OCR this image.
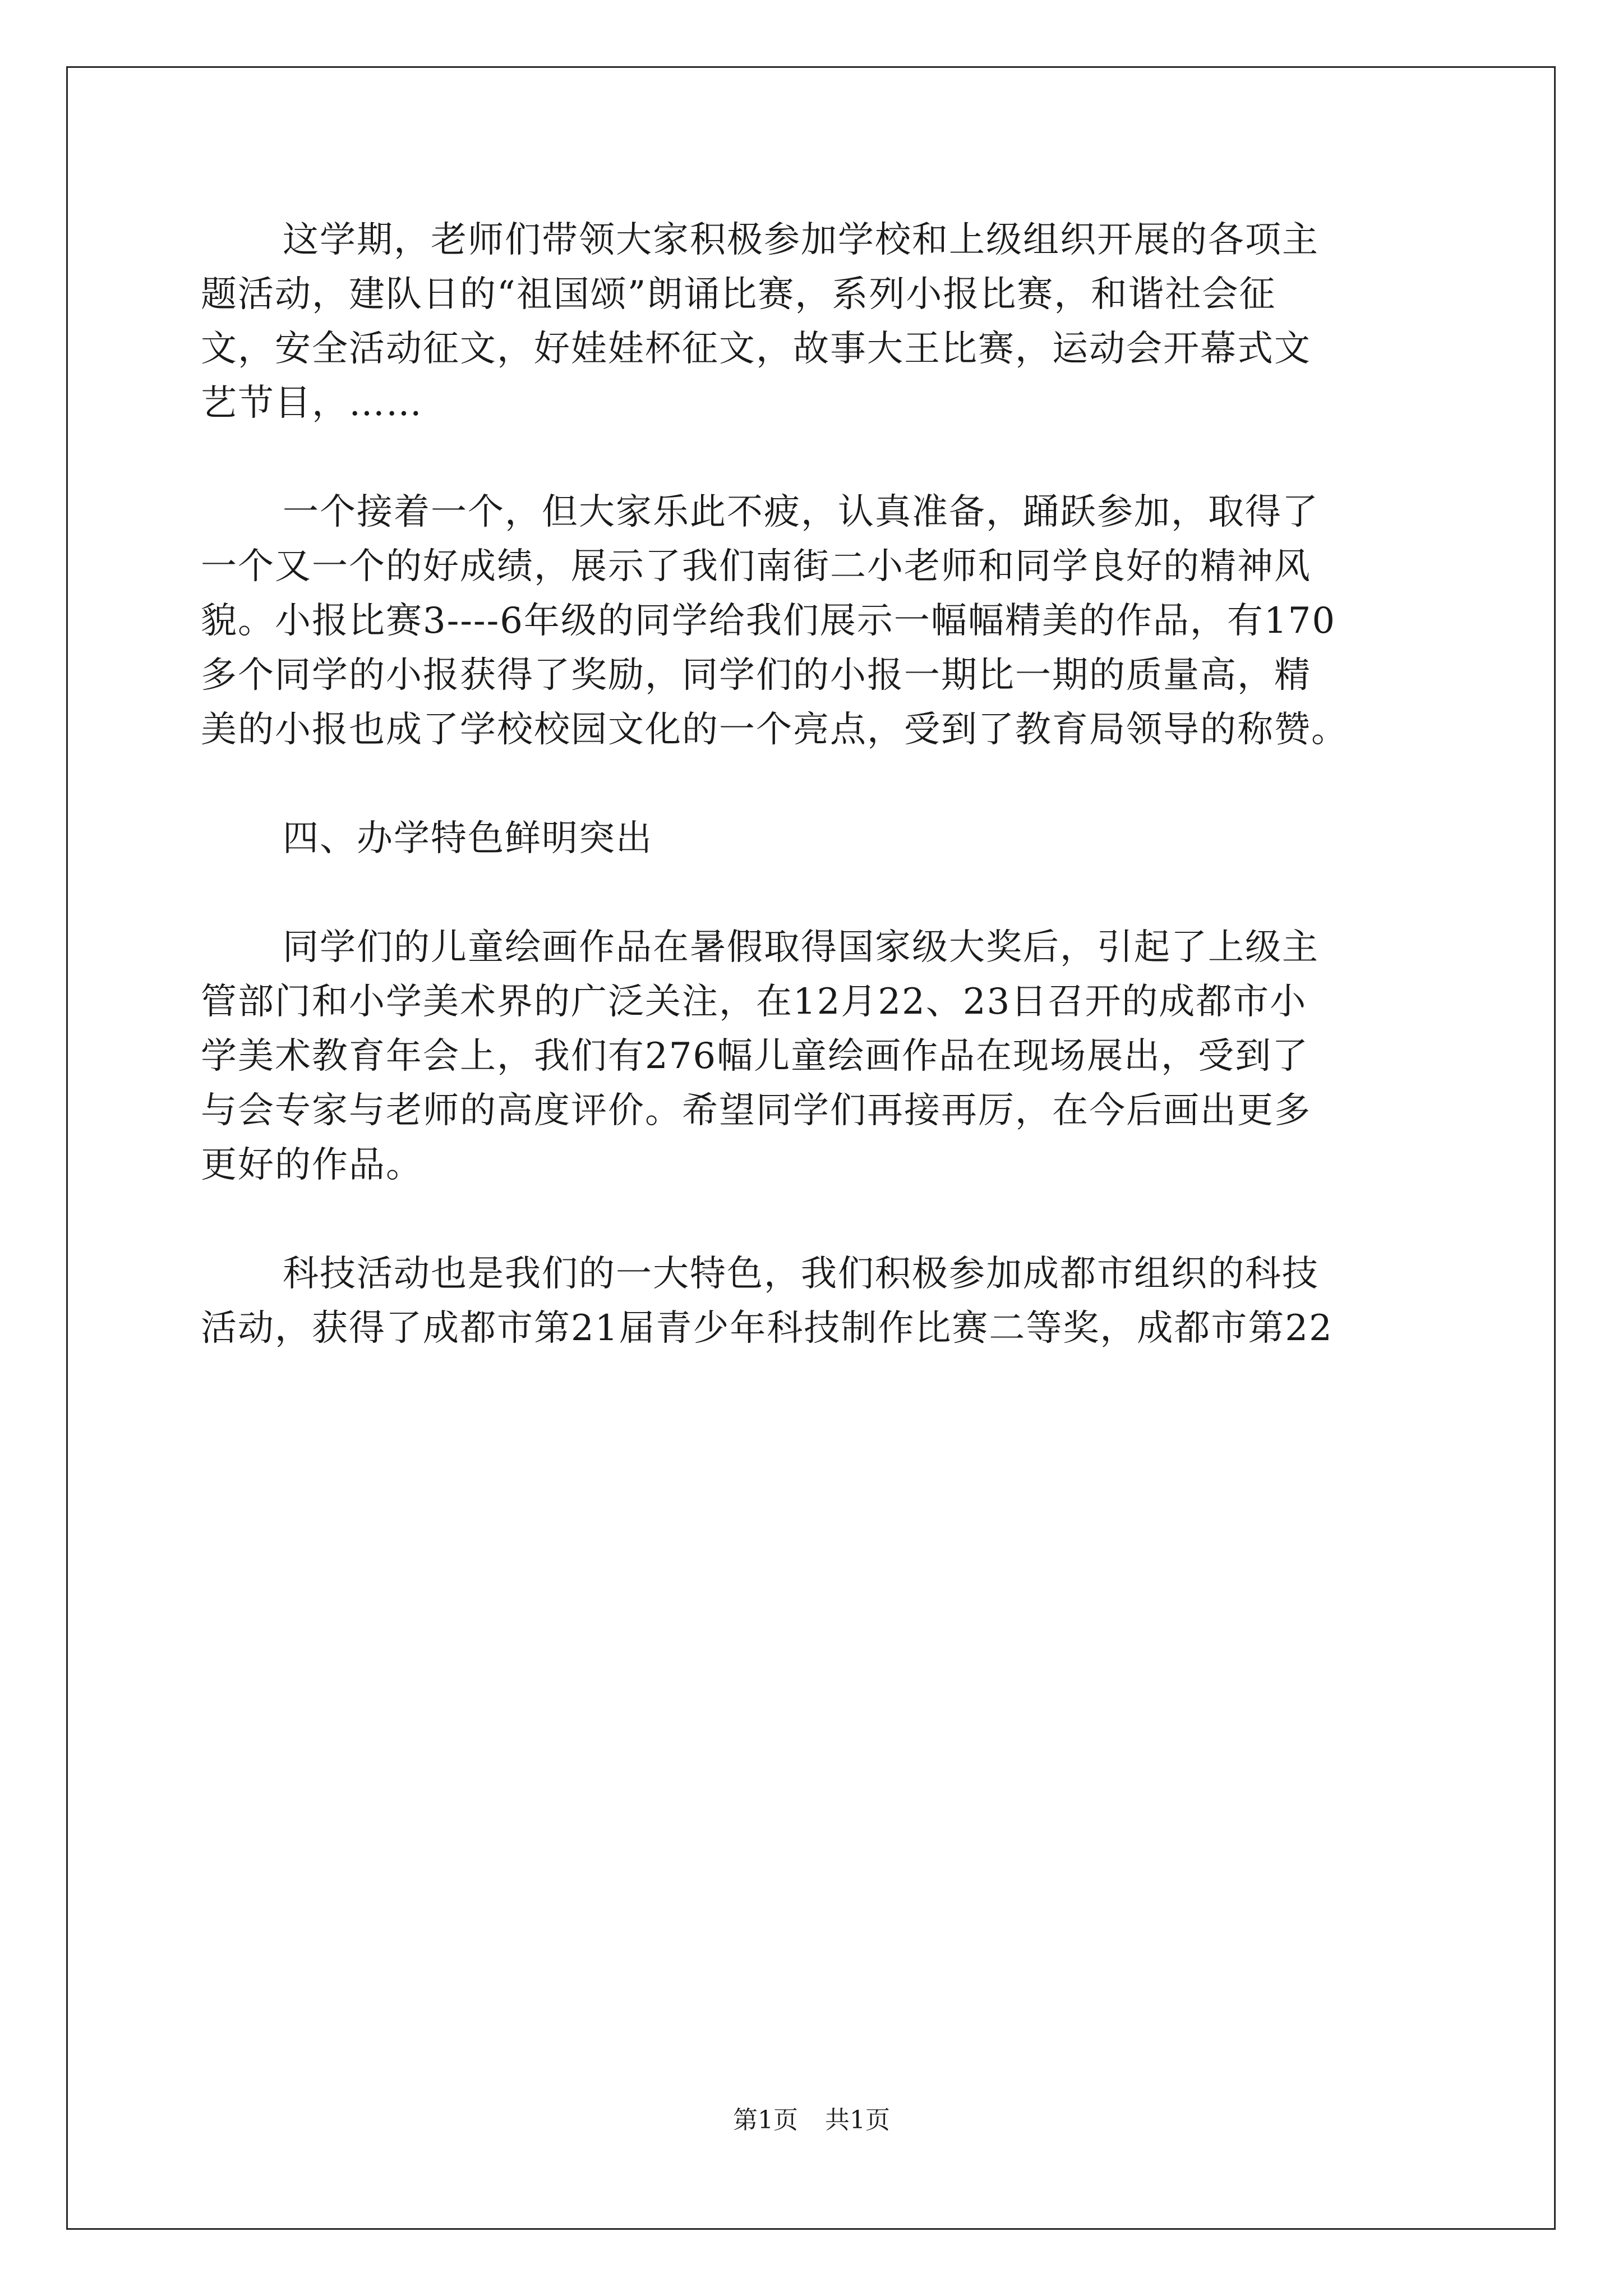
这学期，老师们带领大家积极参加学校和上级组织开展的各项主
题活动，建队日的“祖国颂”朗诵比赛，系列小报比赛，和谐社会征
文，安全活动征文，好娃娃杯征文，故事大王比赛，运动会开幕式文
艺节目，……
一个接着一个，但大家乐此不疲，认真准备，踊跃参加，取得了
一个又一个的好成绩，展示了我们南街二小老师和同学良好的精神风
貌。小报比赛3----6年级的同学给我们展示一幅幅精美的作品，有170
多个同学的小报获得了奖励，同学们的小报一期比一期的质量高，精
美的小报也成了学校校园文化的一个亮点，受到了教育局领导的称赞。
四、办学特色鲜明突出
同学们的儿童绘画作品在暑假取得国家级大奖后，引起了上级主
管部门和小学美术界的广泛关注，在12月22、23日召开的成都市小
学美术教育年会上，我们有276幅儿童绘画作品在现场展出，受到了
与会专家与老师的高度评价。希望同学们再接再厉，在今后画出更多
更好的作品。
科技活动也是我们的一大特色，我们积极参加成都市组织的科技
活动，获得了成都市第21届青少年科技制作比赛二等奖，成都市第22
第1页 共1页
